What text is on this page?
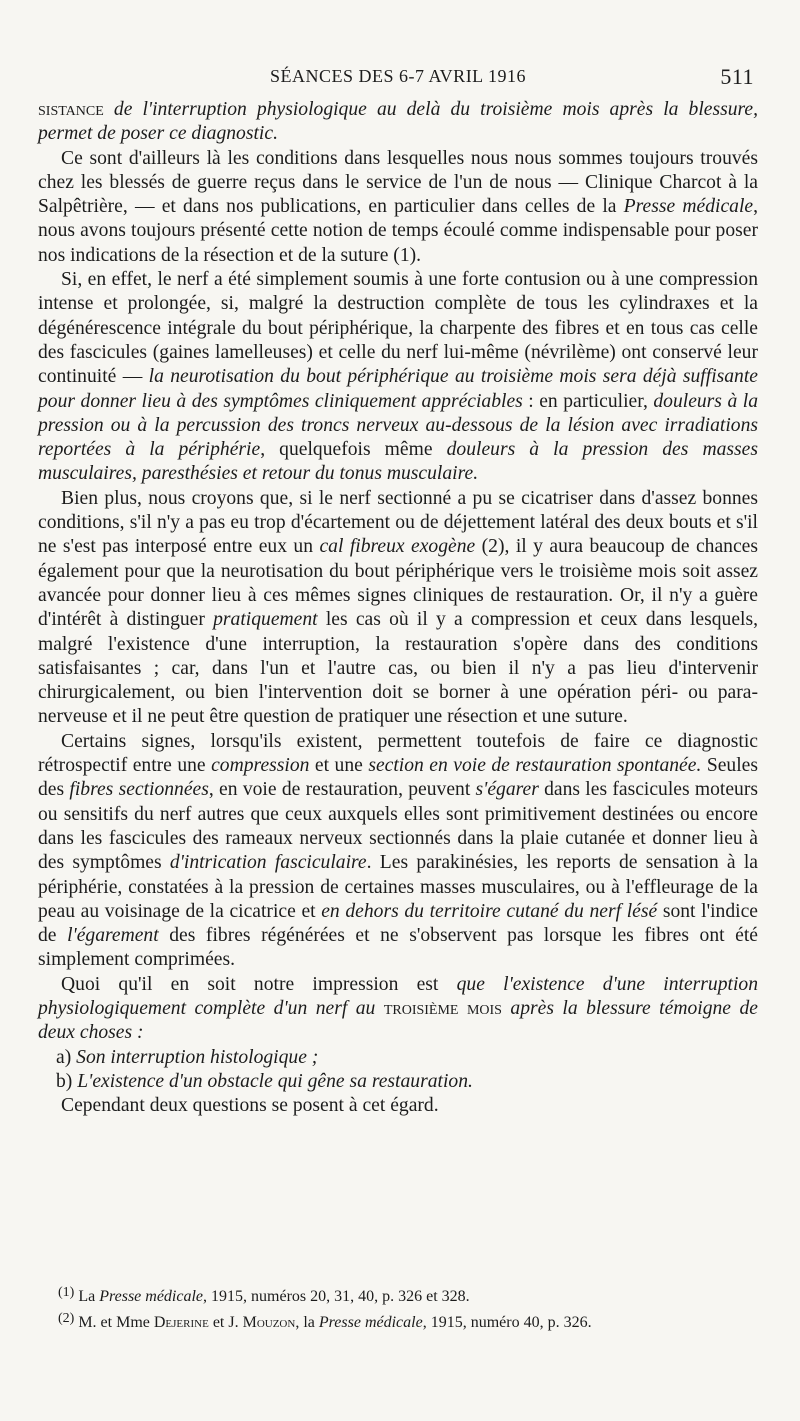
SÉANCES DES 6-7 AVRIL 1916	511

sistance de l'interruption physiologique au delà du troisième mois après la blessure, permet de poser ce diagnostic.

Ce sont d'ailleurs là les conditions dans lesquelles nous nous sommes toujours trouvés chez les blessés de guerre reçus dans le service de l'un de nous — Clinique Charcot à la Salpêtrière, — et dans nos publications, en particulier dans celles de la Presse médicale, nous avons toujours présenté cette notion de temps écoulé comme indispensable pour poser nos indications de la résection et de la suture (1).

Si, en effet, le nerf a été simplement soumis à une forte contusion ou à une compression intense et prolongée, si, malgré la destruction complète de tous les cylindraxes et la dégénérescence intégrale du bout périphérique, la charpente des fibres et en tous cas celle des fascicules (gaines lamelleuses) et celle du nerf lui-même (névrilème) ont conservé leur continuité — la neurotisation du bout périphérique au troisième mois sera déjà suffisante pour donner lieu à des symptômes cliniquement appréciables : en particulier, douleurs à la pression ou à la percussion des troncs nerveux au-dessous de la lésion avec irradiations reportées à la périphérie, quelquefois même douleurs à la pression des masses musculaires, paresthésies et retour du tonus musculaire.

Bien plus, nous croyons que, si le nerf sectionné a pu se cicatriser dans d'assez bonnes conditions, s'il n'y a pas eu trop d'écartement ou de déjettement latéral des deux bouts et s'il ne s'est pas interposé entre eux un cal fibreux exogène (2), il y aura beaucoup de chances également pour que la neurotisation du bout périphérique vers le troisième mois soit assez avancée pour donner lieu à ces mêmes signes cliniques de restauration. Or, il n'y a guère d'intérêt à distinguer pratiquement les cas où il y a compression et ceux dans lesquels, malgré l'existence d'une interruption, la restauration s'opère dans des conditions satisfaisantes ; car, dans l'un et l'autre cas, ou bien il n'y a pas lieu d'intervenir chirurgicalement, ou bien l'intervention doit se borner à une opération péri- ou para-nerveuse et il ne peut être question de pratiquer une résection et une suture.

Certains signes, lorsqu'ils existent, permettent toutefois de faire ce diagnostic rétrospectif entre une compression et une section en voie de restauration spontanée. Seules des fibres sectionnées, en voie de restauration, peuvent s'égarer dans les fascicules moteurs ou sensitifs du nerf autres que ceux auxquels elles sont primitivement destinées ou encore dans les fascicules des rameaux nerveux sectionnés dans la plaie cutanée et donner lieu à des symptômes d'intrication fasciculaire. Les parakinésies, les reports de sensation à la périphérie, constatées à la pression de certaines masses musculaires, ou à l'effleurage de la peau au voisinage de la cicatrice et en dehors du territoire cutané du nerf lésé sont l'indice de l'égarement des fibres régénérées et ne s'observent pas lorsque les fibres ont été simplement comprimées.

Quoi qu'il en soit notre impression est que l'existence d'une interruption physiologiquement complète d'un nerf au troisième mois après la blessure témoigne de deux choses :

a) Son interruption histologique ;

b) L'existence d'un obstacle qui gêne sa restauration.

Cependant deux questions se posent à cet égard.

(1) La Presse médicale, 1915, numéros 20, 31, 40, p. 326 et 328.

(2) M. et Mme Dejerine et J. Mouzon, la Presse médicale, 1915, numéro 40, p. 326.
